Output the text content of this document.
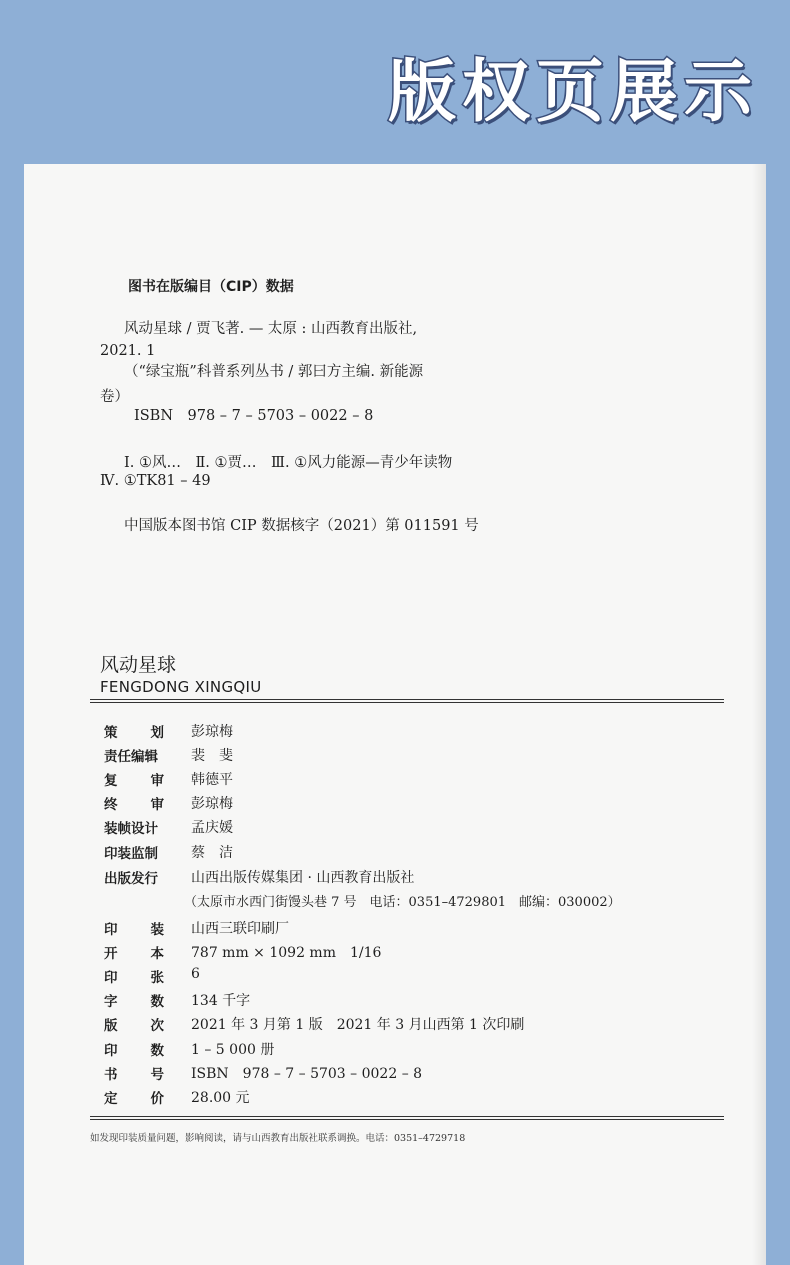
版权页展示
图书在版编目（CIP）数据
风动星球 / 贾飞著. — 太原 : 山西教育出版社,
2021. 1
（“绿宝瓶”科普系列丛书 / 郭曰方主编. 新能源
卷）
ISBN　978 – 7 – 5703 – 0022 – 8
Ⅰ. ①风…　Ⅱ. ①贾…　Ⅲ. ①风力能源—青少年读物
Ⅳ. ①TK81 – 49
中国版本图书馆 CIP 数据核字（2021）第 011591 号
风动星球
FENGDONG XINGQIU
策 划 彭琼梅
责任编辑 裴　斐
复 审 韩德平
终 审 彭琼梅
装帧设计 孟庆媛
印装监制 蔡　洁
出版发行 山西出版传媒集团 · 山西教育出版社
（太原市水西门街馒头巷 7 号　电话：0351–4729801　邮编：030002）
印 装 山西三联印刷厂
开 本 787 mm × 1092 mm　1/16
印 张 6
字 数 134 千字
版 次 2021 年 3 月第 1 版　2021 年 3 月山西第 1 次印刷
印 数 1 – 5 000 册
书 号 ISBN　978 – 7 – 5703 – 0022 – 8
定 价 28.00 元
如发现印装质量问题，影响阅读，请与山西教育出版社联系调换。电话：0351–4729718
